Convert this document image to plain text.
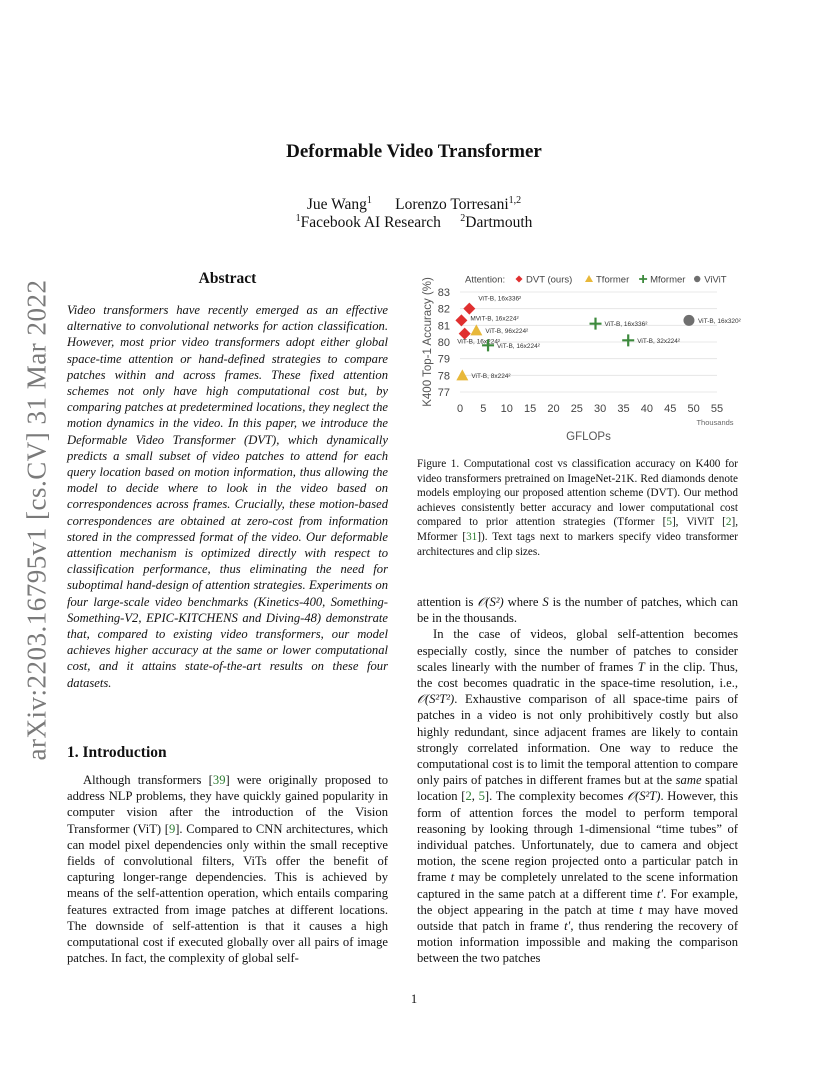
arXiv:2203.16795v1 [cs.CV] 31 Mar 2022
Deformable Video Transformer
Jue Wang$^1$ Lorenzo Torresani$^{1,2}$
$^1$Facebook AI Research $^2$Dartmouth
Abstract
Video transformers have recently emerged as an effective alternative to convolutional networks for action classification. However, most prior video transformers adopt either global space-time attention or hand-defined strategies to compare patches within and across frames. These fixed attention schemes not only have high computational cost but, by comparing patches at predetermined locations, they neglect the motion dynamics in the video. In this paper, we introduce the Deformable Video Transformer (DVT), which dynamically predicts a small subset of video patches to attend for each query location based on motion information, thus allowing the model to decide where to look in the video based on correspondences across frames. Crucially, these motion-based correspondences are obtained at zero-cost from information stored in the compressed format of the video. Our deformable attention mechanism is optimized directly with respect to classification performance, thus eliminating the need for suboptimal hand-design of attention strategies. Experiments on four large-scale video benchmarks (Kinetics-400, Something-Something-V2, EPIC-KITCHENS and Diving-48) demonstrate that, compared to existing video transformers, our model achieves higher accuracy at the same or lower computational cost, and it attains state-of-the-art results on these four datasets.
1. Introduction
Although transformers [39] were originally proposed to address NLP problems, they have quickly gained popularity in computer vision after the introduction of the Vision Transformer (ViT) [9]. Compared to CNN architectures, which can model pixel dependencies only within the small receptive fields of convolutional filters, ViTs offer the benefit of capturing longer-range dependencies. This is achieved by means of the self-attention operation, which entails comparing features extracted from image patches at different locations. The downside of self-attention is that it causes a high computational cost if executed globally over all pairs of image patches. In fact, the complexity of global self-
77
78
79
80
81
82
83
0 5 10 15 20 25 30 35 40 45 50 55
Thousands
GFLOPs
K400 Top-1 Accuracy (%)	Attention: DVT (ours) Tformer Mformer ViViT
ViT-B, 16x336²
MViT-B, 16x224²
ViT-B, 16x224²
ViT-B, 96x224²
ViT-B, 8x224²
ViT-B, 16x336²
ViT-B, 16x224²
ViT-B, 32x224²
ViT-B, 16x320²
Figure 1. Computational cost vs classification accuracy on K400 for video transformers pretrained on ImageNet-21K. Red diamonds denote models employing our proposed attention scheme (DVT). Our method achieves consistently better accuracy and lower computational cost compared to prior attention strategies (Tformer [5], ViViT [2], Mformer [31]). Text tags next to markers specify video transformer architectures and clip sizes.

attention is 𝒪(S²) where S is the number of patches, which can be in the thousands.

In the case of videos, global self-attention becomes especially costly, since the number of patches to consider scales linearly with the number of frames T in the clip. Thus, the cost becomes quadratic in the space-time resolution, i.e., 𝒪(S²T²). Exhaustive comparison of all space-time pairs of patches in a video is not only prohibitively costly but also highly redundant, since adjacent frames are likely to contain strongly correlated information. One way to reduce the computational cost is to limit the temporal attention to compare only pairs of patches in different frames but at the same spatial location [2, 5]. The complexity becomes 𝒪(S²T). However, this form of attention forces the model to perform temporal reasoning by looking through 1-dimensional “time tubes” of individual patches. Unfortunately, due to camera and object motion, the scene region projected onto a particular patch in frame t may be completely unrelated to the scene information captured in the same patch at a different time t′. For example, the object appearing in the patch at time t may have moved outside that patch in frame t′, thus rendering the recovery of motion information impossible and making the comparison between the two patches

1
